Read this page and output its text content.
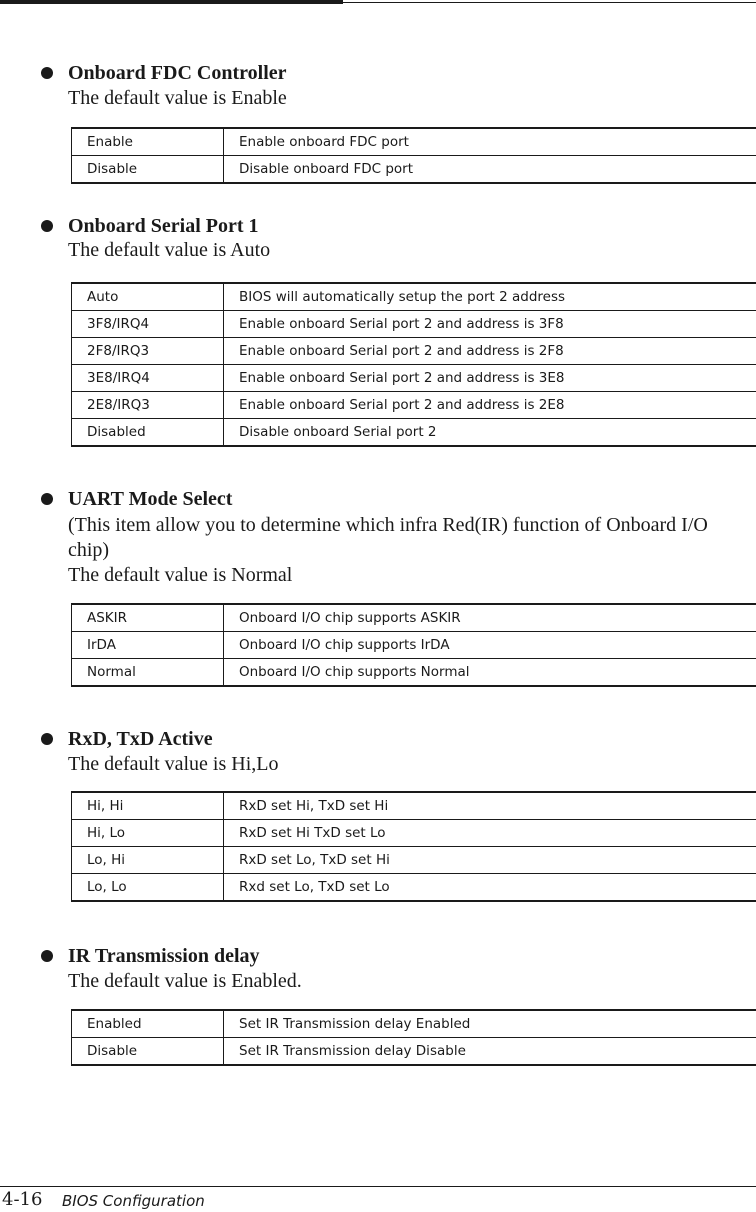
Onboard FDC Controller
The default value is Enable
Enable	Enable onboard FDC port
Disable	Disable onboard FDC port
Onboard Serial Port 1
The default value is Auto
Auto	BIOS will automatically setup the port 2 address
3F8/IRQ4	Enable onboard Serial port 2 and address is 3F8
2F8/IRQ3	Enable onboard Serial port 2 and address is 2F8
3E8/IRQ4	Enable onboard Serial port 2 and address is 3E8
2E8/IRQ3	Enable onboard Serial port 2 and address is 2E8
Disabled	Disable onboard Serial port 2
UART Mode Select
(This item allow you to determine which infra Red(IR) function of Onboard I/O
chip)
The default value is Normal
ASKIR	Onboard I/O chip supports ASKIR
IrDA	Onboard I/O chip supports IrDA
Normal	Onboard I/O chip supports Normal
RxD, TxD Active
The default value is Hi,Lo
Hi, Hi	RxD set Hi, TxD set Hi
Hi, Lo	RxD set Hi TxD set Lo
Lo, Hi	RxD set Lo, TxD set Hi
Lo, Lo	Rxd set Lo, TxD set Lo
IR Transmission delay
The default value is Enabled.
Enabled	Set IR Transmission delay Enabled
Disable	Set IR Transmission delay Disable
4-16 BIOS Configuration
